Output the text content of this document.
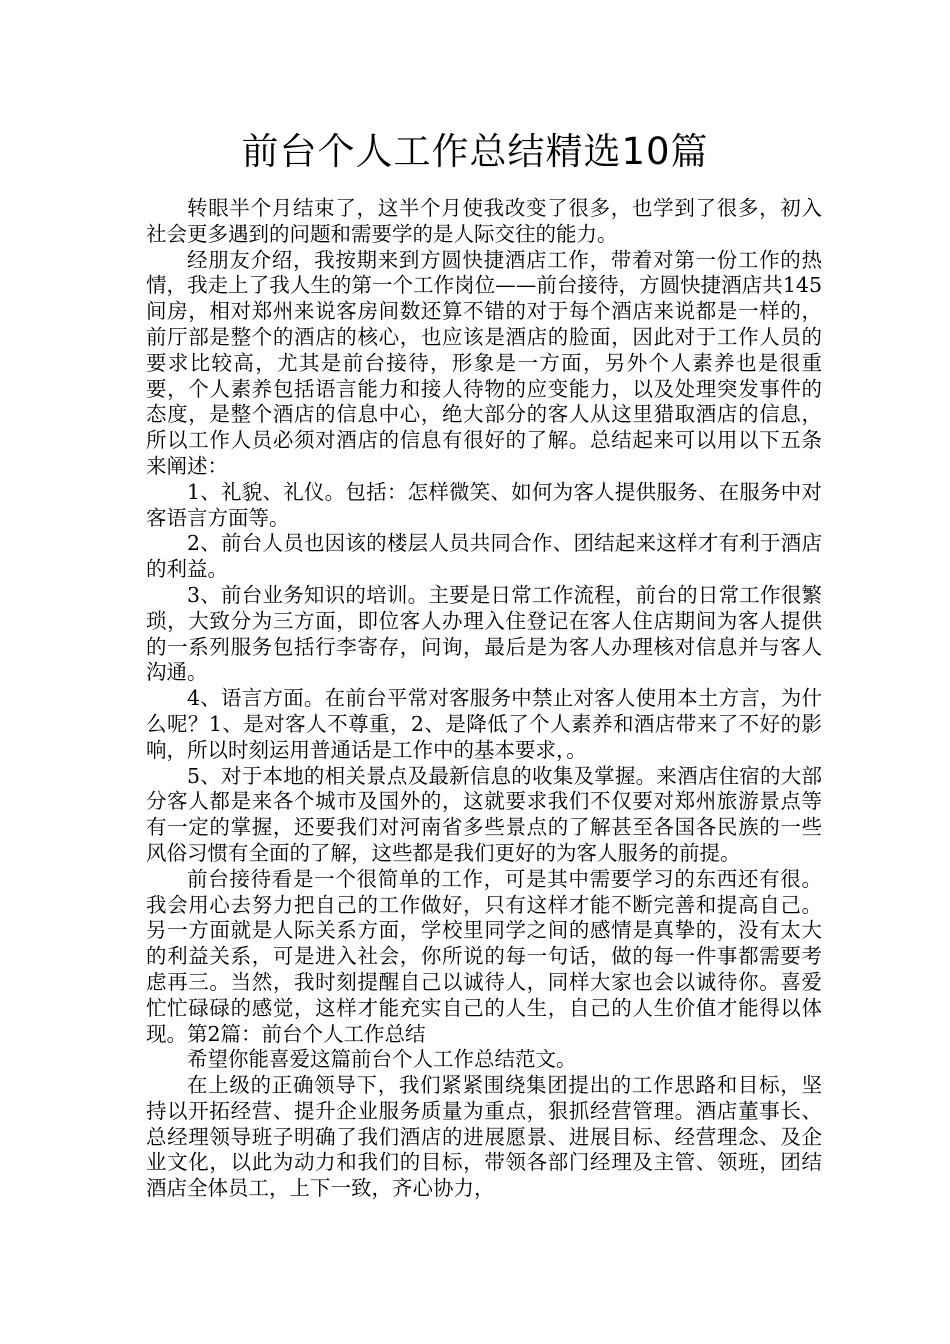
前台个人工作总结精选10篇

转眼半个月结束了，这半个月使我改变了很多，也学到了很多，初入社会更多遇到的问题和需要学的是人际交往的能力。

经朋友介绍，我按期来到方圆快捷酒店工作，带着对第一份工作的热情，我走上了我人生的第一个工作岗位——前台接待，方圆快捷酒店共145间房，相对郑州来说客房间数还算不错的对于每个酒店来说都是一样的，前厅部是整个的酒店的核心，也应该是酒店的脸面，因此对于工作人员的要求比较高，尤其是前台接待，形象是一方面，另外个人素养也是很重要，个人素养包括语言能力和接人待物的应变能力，以及处理突发事件的态度，是整个酒店的信息中心，绝大部分的客人从这里猎取酒店的信息，所以工作人员必须对酒店的信息有很好的了解。总结起来可以用以下五条来阐述：

1、礼貌、礼仪。包括：怎样微笑、如何为客人提供服务、在服务中对客语言方面等。

2、前台人员也因该的楼层人员共同合作、团结起来这样才有利于酒店的利益。

3、前台业务知识的培训。主要是日常工作流程，前台的日常工作很繁琐，大致分为三方面，即位客人办理入住登记在客人住店期间为客人提供的一系列服务包括行李寄存，问询，最后是为客人办理核对信息并与客人沟通。

4、语言方面。在前台平常对客服务中禁止对客人使用本土方言，为什么呢？1、是对客人不尊重，2、是降低了个人素养和酒店带来了不好的影响，所以时刻运用普通话是工作中的基本要求，。

5、对于本地的相关景点及最新信息的收集及掌握。来酒店住宿的大部分客人都是来各个城市及国外的，这就要求我们不仅要对郑州旅游景点等有一定的掌握，还要我们对河南省多些景点的了解甚至各国各民族的一些风俗习惯有全面的了解，这些都是我们更好的为客人服务的前提。

前台接待看是一个很简单的工作，可是其中需要学习的东西还有很。我会用心去努力把自己的工作做好，只有这样才能不断完善和提高自己。另一方面就是人际关系方面，学校里同学之间的感情是真挚的，没有太大的利益关系，可是进入社会，你所说的每一句话，做的每一件事都需要考虑再三。当然，我时刻提醒自己以诚待人，同样大家也会以诚待你。喜爱忙忙碌碌的感觉，这样才能充实自己的人生，自己的人生价值才能得以体现。第2篇：前台个人工作总结

希望你能喜爱这篇前台个人工作总结范文。

在上级的正确领导下，我们紧紧围绕集团提出的工作思路和目标，坚持以开拓经营、提升企业服务质量为重点，狠抓经营管理。酒店董事长、总经理领导班子明确了我们酒店的进展愿景、进展目标、经营理念、及企业文化，以此为动力和我们的目标，带领各部门经理及主管、领班，团结酒店全体员工，上下一致，齐心协力，
